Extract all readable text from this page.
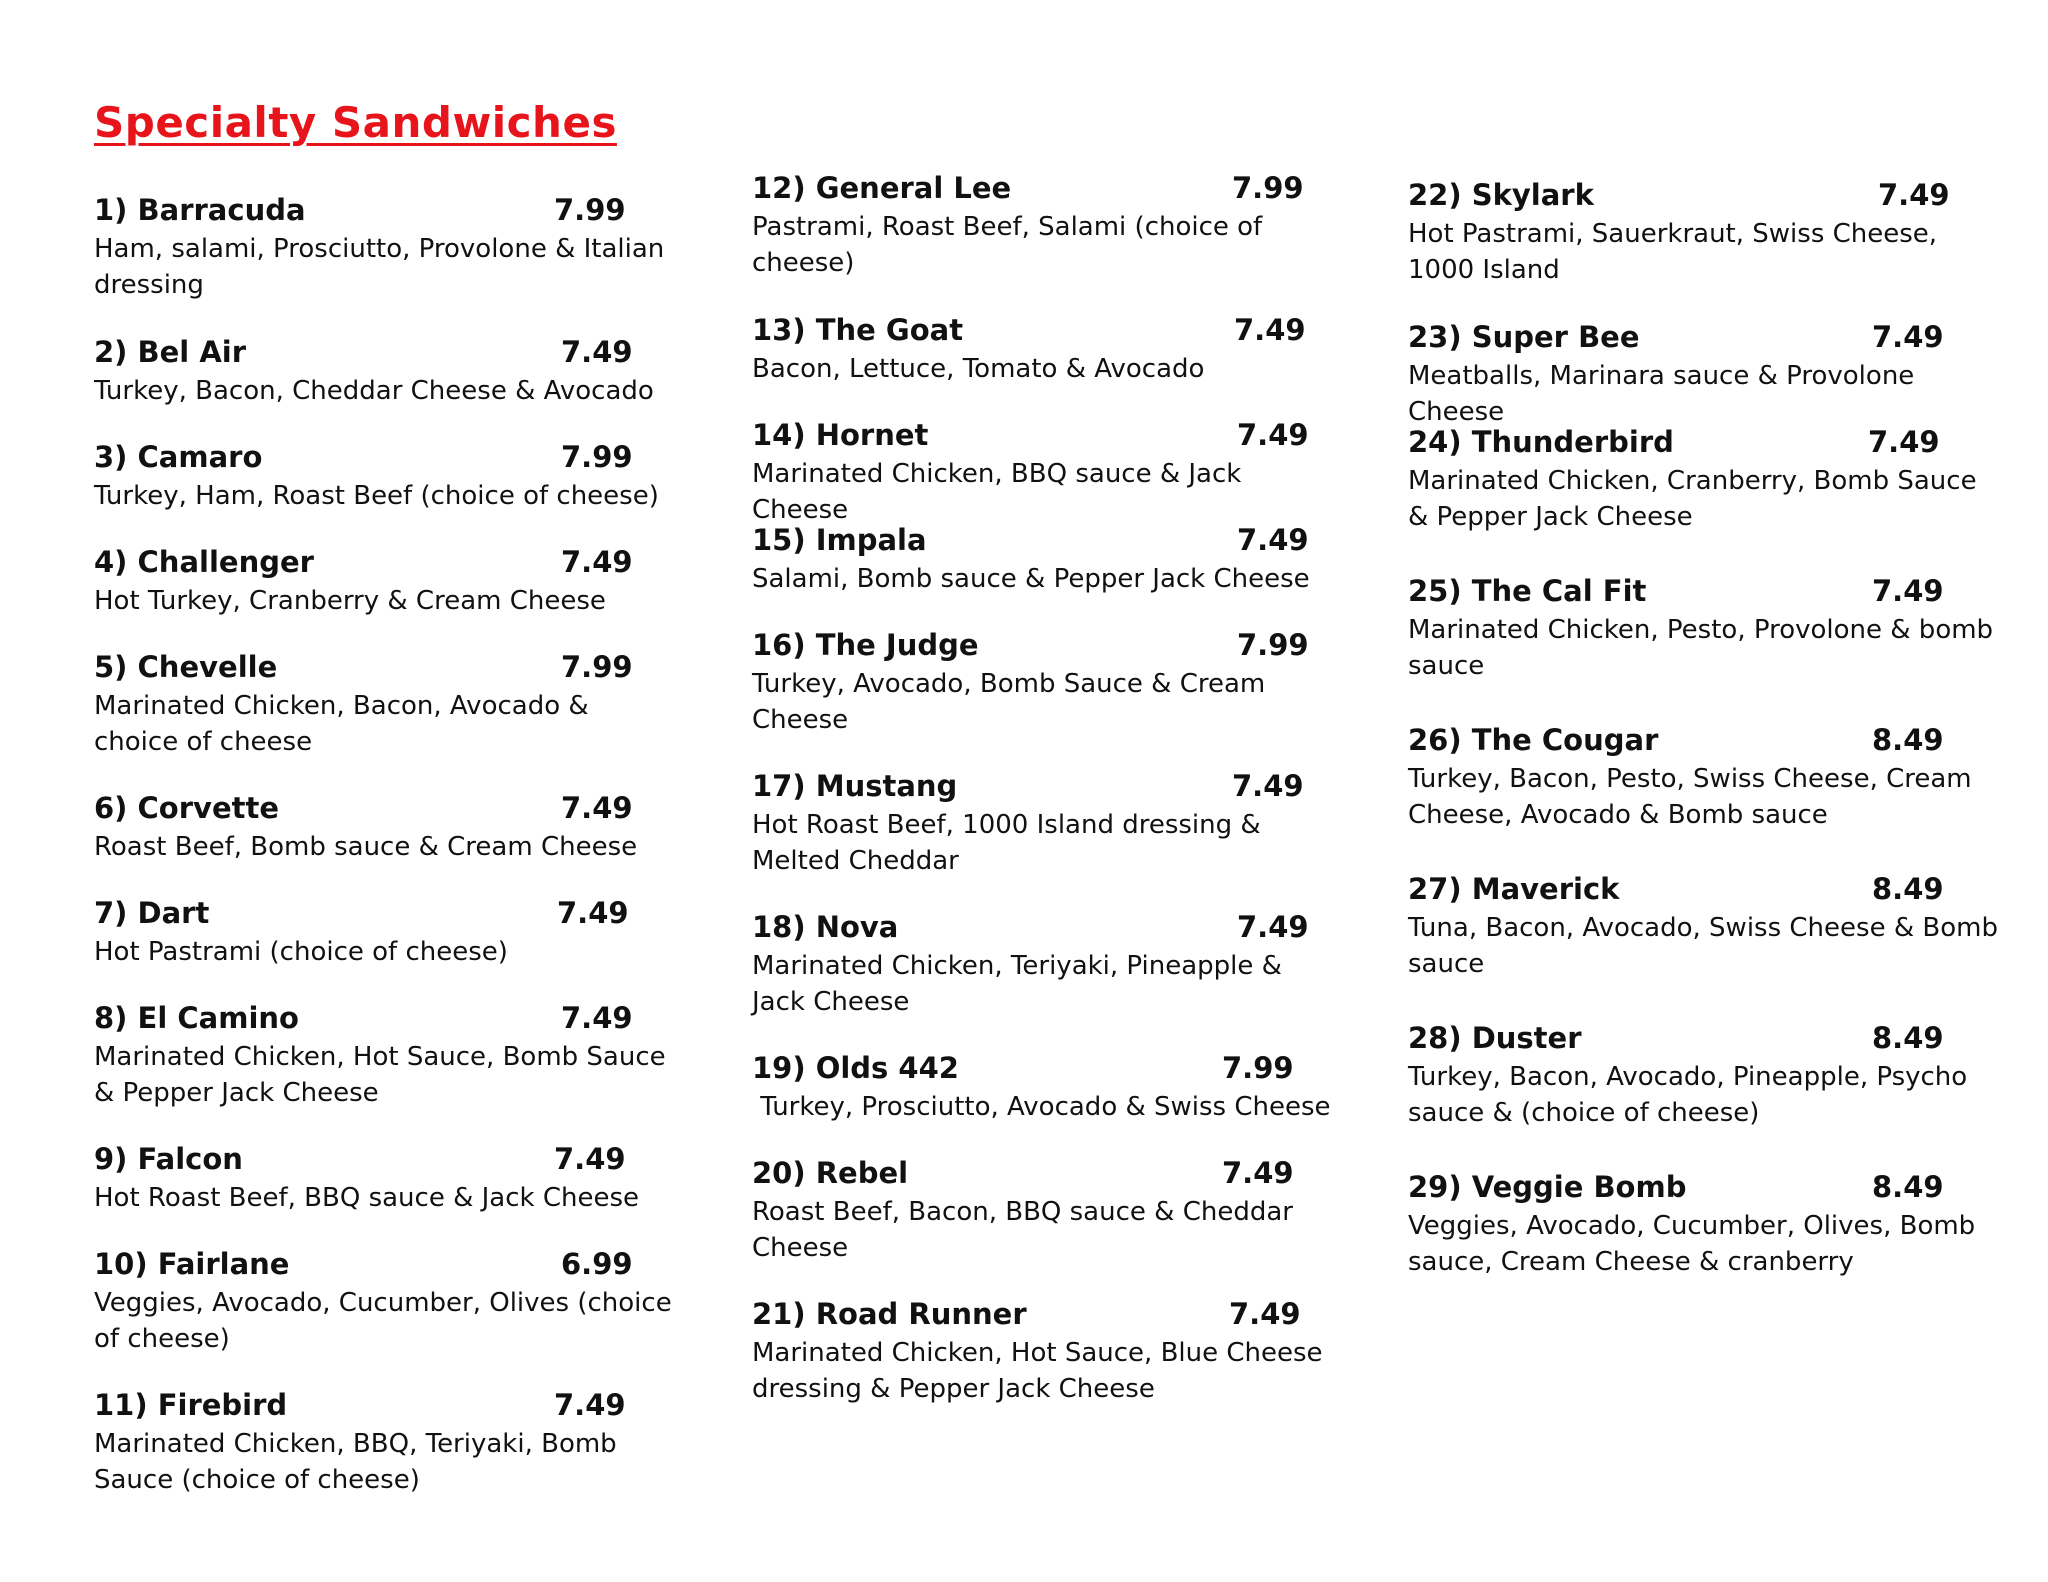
Specialty Sandwiches
1) Barracuda	7.99
Ham, salami, Prosciutto, Provolone & Italian dressing
2) Bel Air	7.49
Turkey, Bacon, Cheddar Cheese & Avocado
3) Camaro	7.99
Turkey, Ham, Roast Beef (choice of cheese)
4) Challenger	7.49
Hot Turkey, Cranberry & Cream Cheese
5) Chevelle	7.99
Marinated Chicken, Bacon, Avocado & choice of cheese
6) Corvette	7.49
Roast Beef, Bomb sauce & Cream Cheese
7) Dart	7.49
Hot Pastrami (choice of cheese)
8) El Camino	7.49
Marinated Chicken, Hot Sauce, Bomb Sauce & Pepper Jack Cheese
9) Falcon	7.49
Hot Roast Beef, BBQ sauce & Jack Cheese
10) Fairlane	6.99
Veggies, Avocado, Cucumber, Olives (choice of cheese)
11) Firebird	7.49
Marinated Chicken, BBQ, Teriyaki, Bomb Sauce (choice of cheese)
12) General Lee	7.99
Pastrami, Roast Beef, Salami (choice of cheese)
13) The Goat	7.49
Bacon, Lettuce, Tomato & Avocado
14) Hornet	7.49
Marinated Chicken, BBQ sauce & Jack Cheese
15) Impala	7.49
Salami, Bomb sauce & Pepper Jack Cheese
16) The Judge	7.99
Turkey, Avocado, Bomb Sauce & Cream Cheese
17) Mustang	7.49
Hot Roast Beef, 1000 Island dressing & Melted Cheddar
18) Nova	7.49
Marinated Chicken, Teriyaki, Pineapple & Jack Cheese
19) Olds 442	7.99
Turkey, Prosciutto, Avocado & Swiss Cheese
20) Rebel	7.49
Roast Beef, Bacon, BBQ sauce & Cheddar Cheese
21) Road Runner	7.49
Marinated Chicken, Hot Sauce, Blue Cheese dressing & Pepper Jack Cheese
22) Skylark	7.49
Hot Pastrami, Sauerkraut, Swiss Cheese, 1000 Island
23) Super Bee	7.49
Meatballs, Marinara sauce & Provolone Cheese
24) Thunderbird	7.49
Marinated Chicken, Cranberry, Bomb Sauce & Pepper Jack Cheese
25) The Cal Fit	7.49
Marinated Chicken, Pesto, Provolone & bomb sauce
26) The Cougar	8.49
Turkey, Bacon, Pesto, Swiss Cheese, Cream Cheese, Avocado & Bomb sauce
27) Maverick	8.49
Tuna, Bacon, Avocado, Swiss Cheese & Bomb sauce
28) Duster	8.49
Turkey, Bacon, Avocado, Pineapple, Psycho sauce & (choice of cheese)
29) Veggie Bomb	8.49
Veggies, Avocado, Cucumber, Olives, Bomb sauce, Cream Cheese & cranberry
